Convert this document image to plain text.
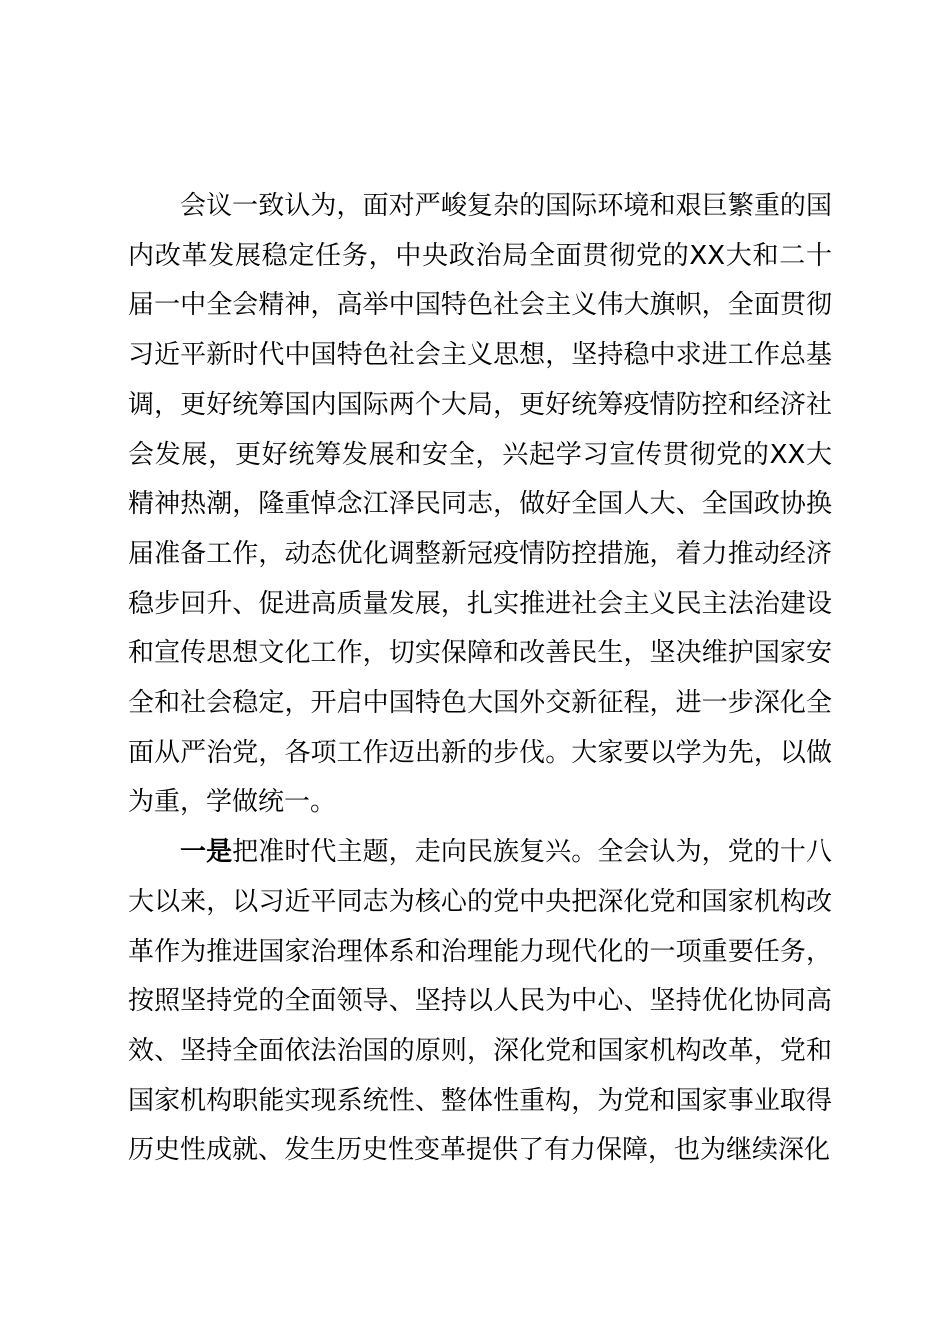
会议一致认为，面对严峻复杂的国际环境和艰巨繁重的国内改革发展稳定任务，中央政治局全面贯彻党的XX大和二十届一中全会精神，高举中国特色社会主义伟大旗帜，全面贯彻习近平新时代中国特色社会主义思想，坚持稳中求进工作总基调，更好统筹国内国际两个大局，更好统筹疫情防控和经济社会发展，更好统筹发展和安全，兴起学习宣传贯彻党的XX大精神热潮，隆重悼念江泽民同志，做好全国人大、全国政协换届准备工作，动态优化调整新冠疫情防控措施，着力推动经济稳步回升、促进高质量发展，扎实推进社会主义民主法治建设和宣传思想文化工作，切实保障和改善民生，坚决维护国家安全和社会稳定，开启中国特色大国外交新征程，进一步深化全面从严治党，各项工作迈出新的步伐。大家要以学为先，以做为重，学做统一。

一是把准时代主题，走向民族复兴。全会认为，党的十八大以来，以习近平同志为核心的党中央把深化党和国家机构改革作为推进国家治理体系和治理能力现代化的一项重要任务，按照坚持党的全面领导、坚持以人民为中心、坚持优化协同高效、坚持全面依法治国的原则，深化党和国家机构改革，党和国家机构职能实现系统性、整体性重构，为党和国家事业取得历史性成就、发生历史性变革提供了有力保障，也为继续深化
